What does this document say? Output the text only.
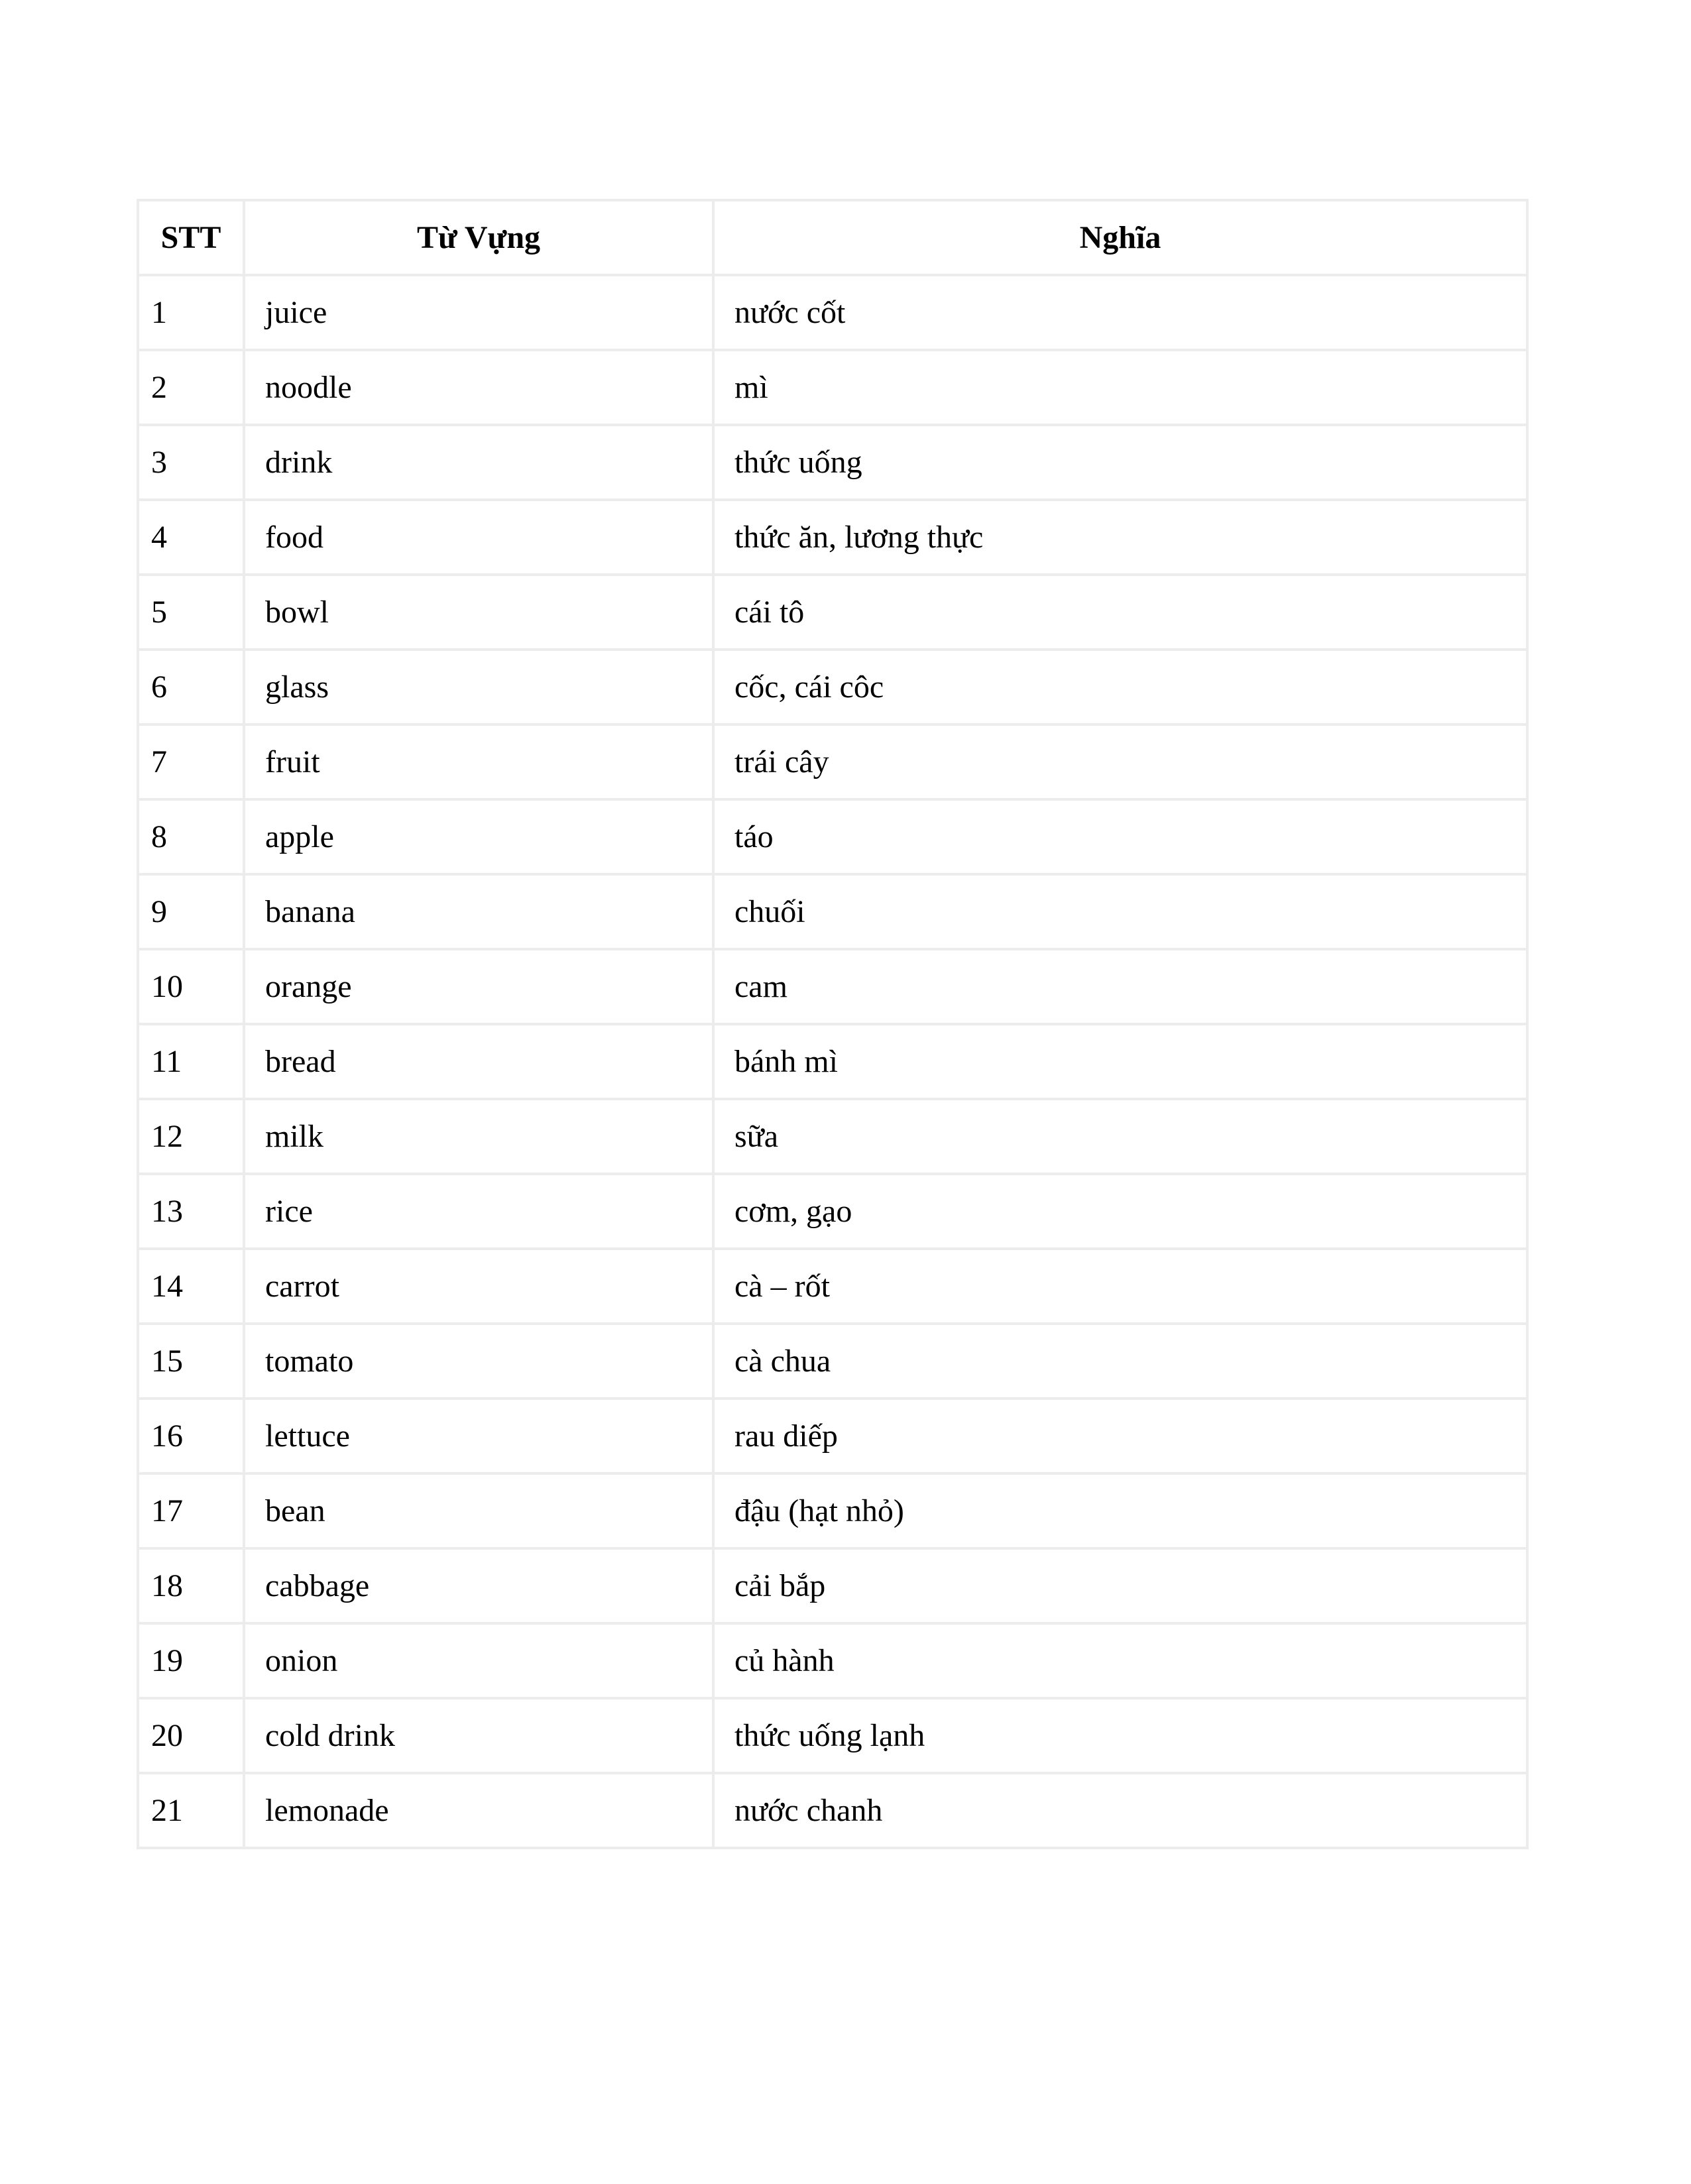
STT	Từ Vựng	Nghĩa
1	juice	nước cốt
2	noodle	mì
3	drink	thức uống
4	food	thức ăn, lương thực
5	bowl	cái tô
6	glass	cốc, cái côc
7	fruit	trái cây
8	apple	táo
9	banana	chuối
10	orange	cam
11	bread	bánh mì
12	milk	sữa
13	rice	cơm, gạo
14	carrot	cà – rốt
15	tomato	cà chua
16	lettuce	rau diếp
17	bean	đậu (hạt nhỏ)
18	cabbage	cải bắp
19	onion	củ hành
20	cold drink	thức uống lạnh
21	lemonade	nước chanh
